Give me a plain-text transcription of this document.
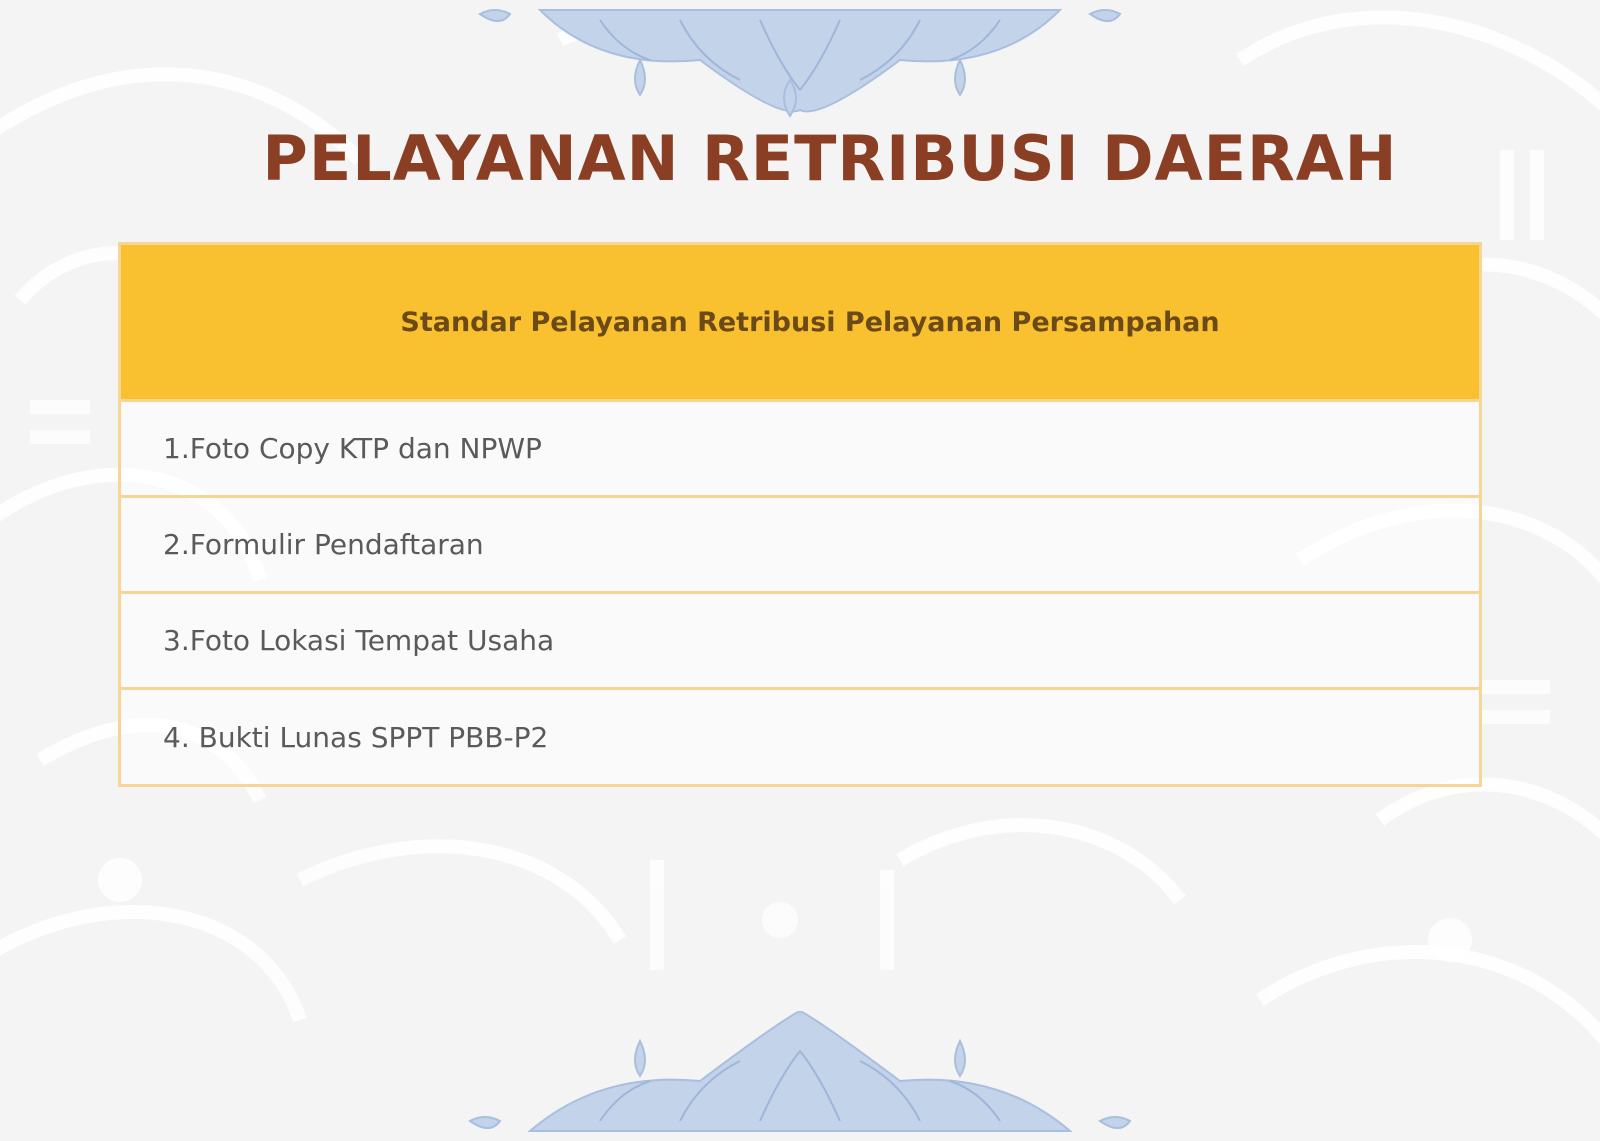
PELAYANAN RETRIBUSI DAERAH
Standar Pelayanan Retribusi Pelayanan Persampahan
1.Foto Copy KTP dan NPWP
2.Formulir Pendaftaran
3.Foto Lokasi Tempat Usaha
4. Bukti Lunas SPPT PBB-P2
